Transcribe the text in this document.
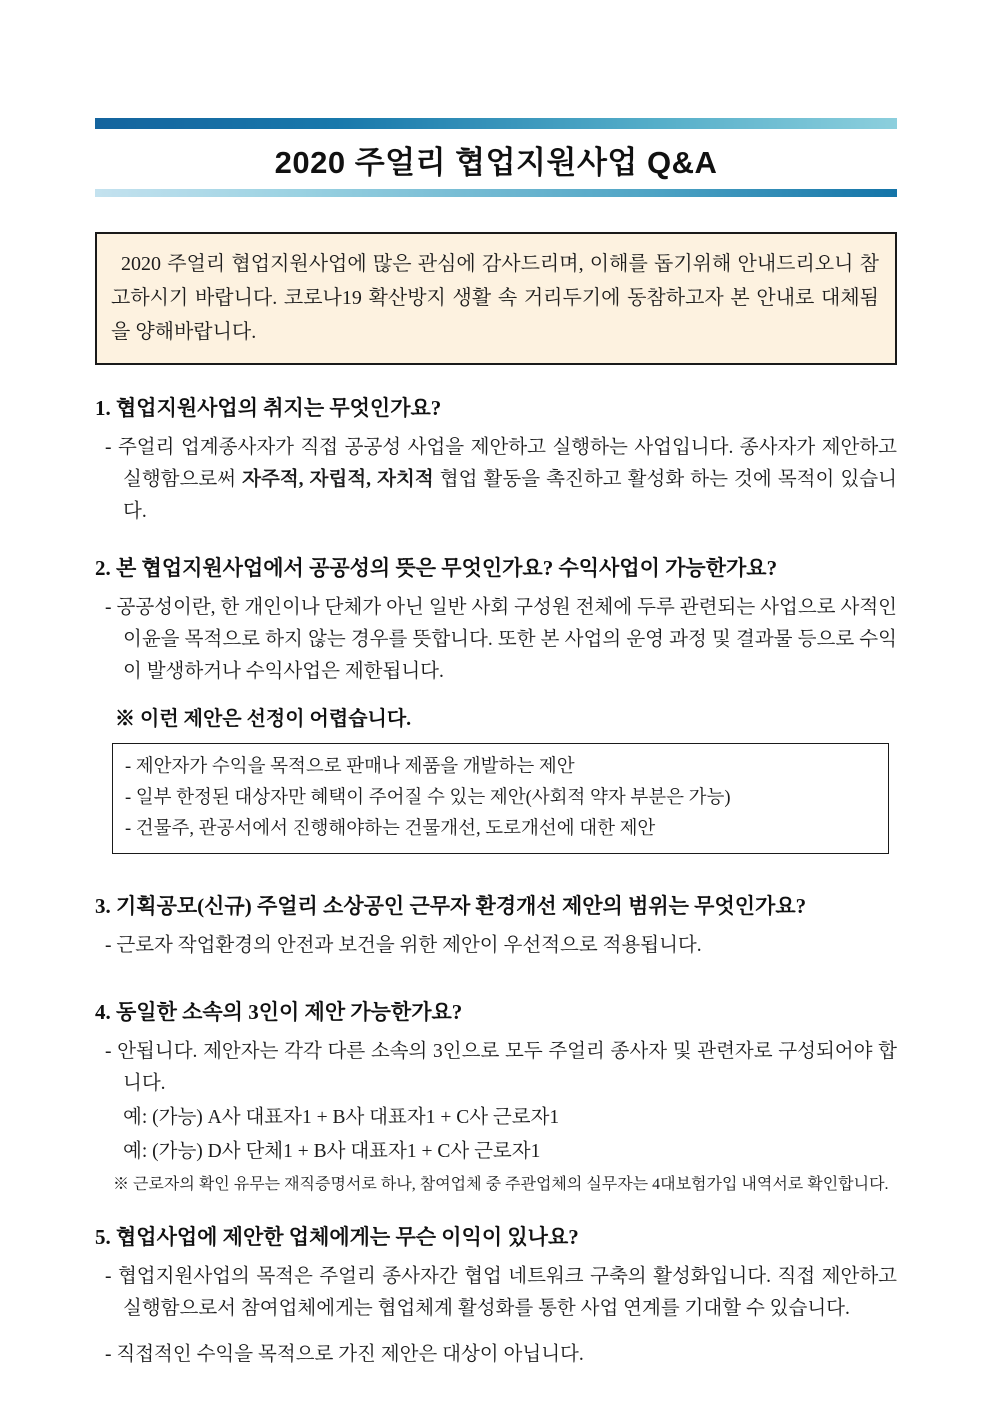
2020 주얼리 협업지원사업 Q&A

2020 주얼리 협업지원사업에 많은 관심에 감사드리며, 이해를 돕기위해 안내드리오니 참고하시기 바랍니다. 코로나19 확산방지 생활 속 거리두기에 동참하고자 본 안내로 대체됨을 양해바랍니다.

1. 협업지원사업의 취지는 무엇인가요?

- 주얼리 업계종사자가 직접 공공성 사업을 제안하고 실행하는 사업입니다. 종사자가 제안하고 실행함으로써 자주적, 자립적, 자치적 협업 활동을 촉진하고 활성화 하는 것에 목적이 있습니다.

2. 본 협업지원사업에서 공공성의 뜻은 무엇인가요? 수익사업이 가능한가요?

- 공공성이란, 한 개인이나 단체가 아닌 일반 사회 구성원 전체에 두루 관련되는 사업으로 사적인 이윤을 목적으로 하지 않는 경우를 뜻합니다. 또한 본 사업의 운영 과정 및 결과물 등으로 수익이 발생하거나 수익사업은 제한됩니다.

※ 이런 제안은 선정이 어렵습니다.

- 제안자가 수익을 목적으로 판매나 제품을 개발하는 제안

- 일부 한정된 대상자만 혜택이 주어질 수 있는 제안(사회적 약자 부분은 가능)

- 건물주, 관공서에서 진행해야하는 건물개선, 도로개선에 대한 제안

3. 기획공모(신규) 주얼리 소상공인 근무자 환경개선 제안의 범위는 무엇인가요?

- 근로자 작업환경의 안전과 보건을 위한 제안이 우선적으로 적용됩니다.

4. 동일한 소속의 3인이 제안 가능한가요?

- 안됩니다. 제안자는 각각 다른 소속의 3인으로 모두 주얼리 종사자 및 관련자로 구성되어야 합니다.

예: (가능) A사 대표자1 + B사 대표자1 + C사 근로자1

예: (가능) D사 단체1 + B사 대표자1 + C사 근로자1

※ 근로자의 확인 유무는 재직증명서로 하나, 참여업체 중 주관업체의 실무자는 4대보험가입 내역서로 확인합니다.

5. 협업사업에 제안한 업체에게는 무슨 이익이 있나요?

- 협업지원사업의 목적은 주얼리 종사자간 협업 네트워크 구축의 활성화입니다. 직접 제안하고 실행함으로서 참여업체에게는 협업체계 활성화를 통한 사업 연계를 기대할 수 있습니다.

- 직접적인 수익을 목적으로 가진 제안은 대상이 아닙니다.
